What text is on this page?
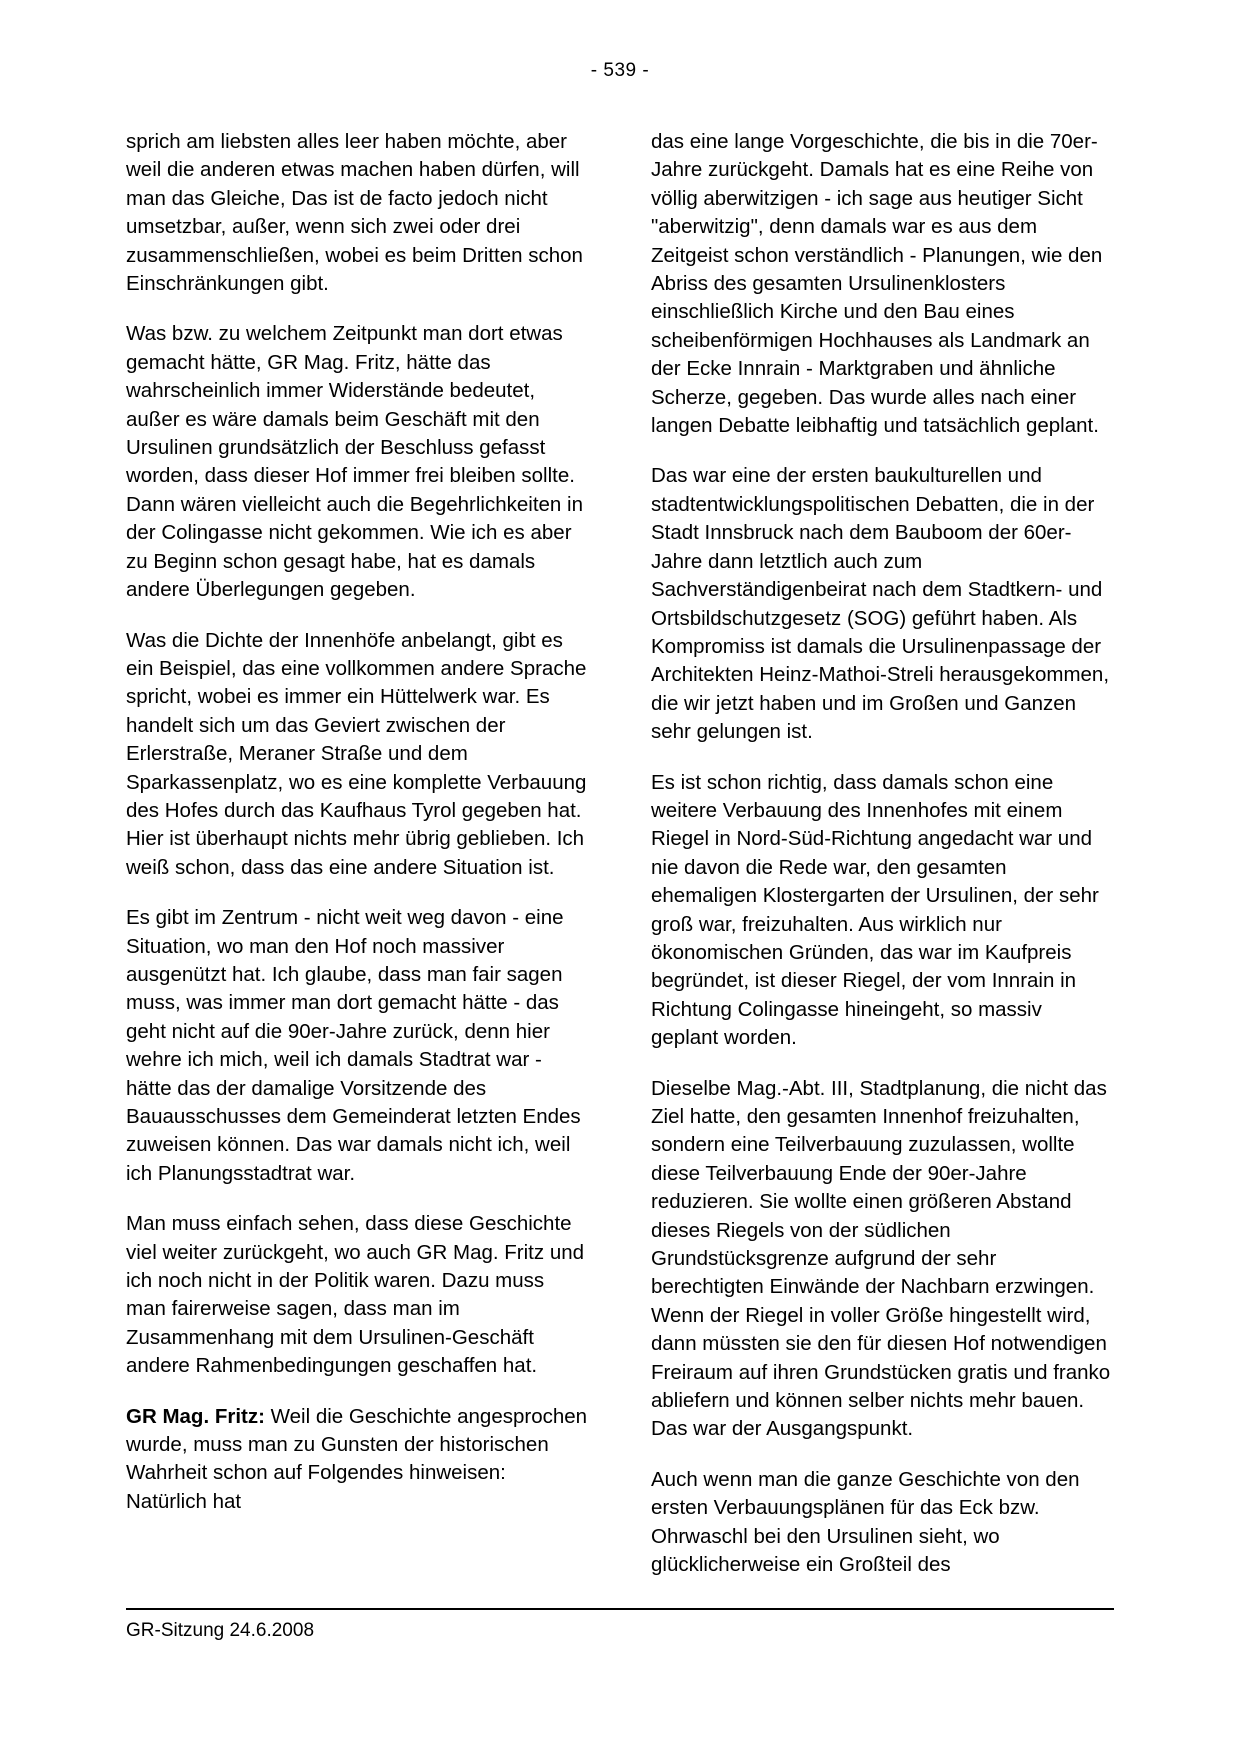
- 539 -

sprich am liebsten alles leer haben möchte, aber weil die anderen etwas machen haben dürfen, will man das Gleiche, Das ist de facto jedoch nicht umsetzbar, außer, wenn sich zwei oder drei zusammenschließen, wobei es beim Dritten schon Einschränkungen gibt.

Was bzw. zu welchem Zeitpunkt man dort etwas gemacht hätte, GR Mag. Fritz, hätte das wahrscheinlich immer Widerstände bedeutet, außer es wäre damals beim Geschäft mit den Ursulinen grundsätzlich der Beschluss gefasst worden, dass dieser Hof immer frei bleiben sollte. Dann wären vielleicht auch die Begehrlichkeiten in der Colingasse nicht gekommen. Wie ich es aber zu Beginn schon gesagt habe, hat es damals andere Überlegungen gegeben.

Was die Dichte der Innenhöfe anbelangt, gibt es ein Beispiel, das eine vollkommen andere Sprache spricht, wobei es immer ein Hüttelwerk war. Es handelt sich um das Geviert zwischen der Erlerstraße, Meraner Straße und dem Sparkassenplatz, wo es eine komplette Verbauung des Hofes durch das Kaufhaus Tyrol gegeben hat. Hier ist überhaupt nichts mehr übrig geblieben. Ich weiß schon, dass das eine andere Situation ist.

Es gibt im Zentrum - nicht weit weg davon - eine Situation, wo man den Hof noch massiver ausgenützt hat. Ich glaube, dass man fair sagen muss, was immer man dort gemacht hätte - das geht nicht auf die 90er-Jahre zurück, denn hier wehre ich mich, weil ich damals Stadtrat war - hätte das der damalige Vorsitzende des Bauausschusses dem Gemeinderat letzten Endes zuweisen können. Das war damals nicht ich, weil ich Planungsstadtrat war.

Man muss einfach sehen, dass diese Geschichte viel weiter zurückgeht, wo auch GR Mag. Fritz und ich noch nicht in der Politik waren. Dazu muss man fairerweise sagen, dass man im Zusammenhang mit dem Ursulinen-Geschäft andere Rahmenbedingungen geschaffen hat.

GR Mag. Fritz: Weil die Geschichte angesprochen wurde, muss man zu Gunsten der historischen Wahrheit schon auf Folgendes hinweisen: Natürlich hat

das eine lange Vorgeschichte, die bis in die 70er-Jahre zurückgeht. Damals hat es eine Reihe von völlig aberwitzigen - ich sage aus heutiger Sicht "aberwitzig", denn damals war es aus dem Zeitgeist schon verständlich - Planungen, wie den Abriss des gesamten Ursulinenklosters einschließlich Kirche und den Bau eines scheibenförmigen Hochhauses als Landmark an der Ecke Innrain - Marktgraben und ähnliche Scherze, gegeben. Das wurde alles nach einer langen Debatte leibhaftig und tatsächlich geplant.

Das war eine der ersten baukulturellen und stadtentwicklungspolitischen Debatten, die in der Stadt Innsbruck nach dem Bauboom der 60er-Jahre dann letztlich auch zum Sachverständigenbeirat nach dem Stadtkern- und Ortsbildschutzgesetz (SOG) geführt haben. Als Kompromiss ist damals die Ursulinenpassage der Architekten Heinz-Mathoi-Streli herausgekommen, die wir jetzt haben und im Großen und Ganzen sehr gelungen ist.

Es ist schon richtig, dass damals schon eine weitere Verbauung des Innenhofes mit einem Riegel in Nord-Süd-Richtung angedacht war und nie davon die Rede war, den gesamten ehemaligen Klostergarten der Ursulinen, der sehr groß war, freizuhalten. Aus wirklich nur ökonomischen Gründen, das war im Kaufpreis begründet, ist dieser Riegel, der vom Innrain in Richtung Colingasse hineingeht, so massiv geplant worden.

Dieselbe Mag.-Abt. III, Stadtplanung, die nicht das Ziel hatte, den gesamten Innenhof freizuhalten, sondern eine Teilverbauung zuzulassen, wollte diese Teilverbauung Ende der 90er-Jahre reduzieren. Sie wollte einen größeren Abstand dieses Riegels von der südlichen Grundstücksgrenze aufgrund der sehr berechtigten Einwände der Nachbarn erzwingen. Wenn der Riegel in voller Größe hingestellt wird, dann müssten sie den für diesen Hof notwendigen Freiraum auf ihren Grundstücken gratis und franko abliefern und können selber nichts mehr bauen. Das war der Ausgangspunkt.

Auch wenn man die ganze Geschichte von den ersten Verbauungsplänen für das Eck bzw. Ohrwaschl bei den Ursulinen sieht, wo glücklicherweise ein Großteil des

GR-Sitzung 24.6.2008
